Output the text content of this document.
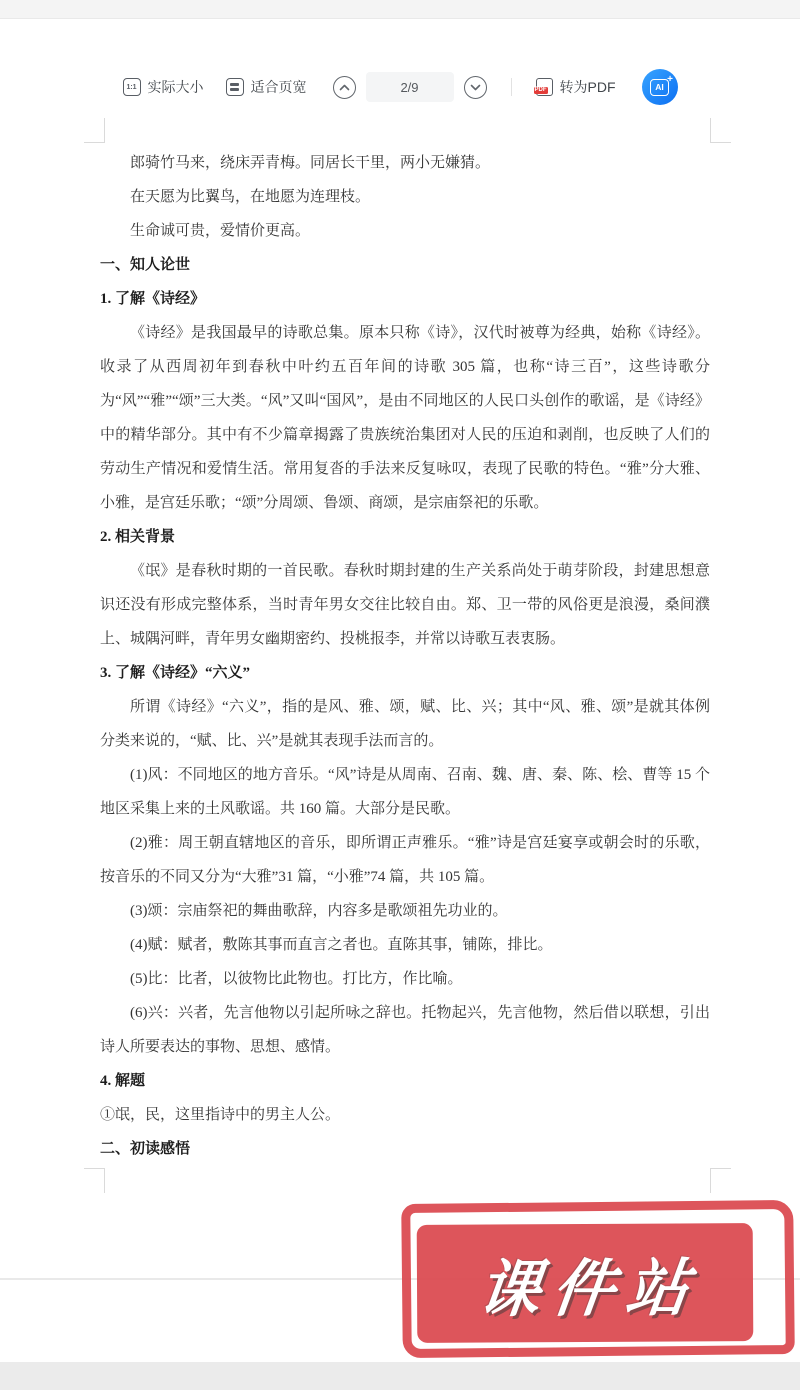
1:1 实际大小	适合页宽	2/9	PDF 转为PDF	AI
+
郎骑竹马来，绕床弄青梅。同居长干里，两小无嫌猜。
在天愿为比翼鸟，在地愿为连理枝。
生命诚可贵，爱情价更高。
一、知人论世
1. 了解《诗经》
《诗经》是我国最早的诗歌总集。原本只称《诗》，汉代时被尊为经典，始称《诗经》。收录了从西周初年到春秋中叶约五百年间的诗歌 305 篇，也称“诗三百”，这些诗歌分为“风”“雅”“颂”三大类。“风”又叫“国风”，是由不同地区的人民口头创作的歌谣，是《诗经》中的精华部分。其中有不少篇章揭露了贵族统治集团对人民的压迫和剥削，也反映了人们的劳动生产情况和爱情生活。常用复沓的手法来反复咏叹，表现了民歌的特色。“雅”分大雅、小雅，是宫廷乐歌；“颂”分周颂、鲁颂、商颂，是宗庙祭祀的乐歌。
2. 相关背景
《氓》是春秋时期的一首民歌。春秋时期封建的生产关系尚处于萌芽阶段，封建思想意识还没有形成完整体系，当时青年男女交往比较自由。郑、卫一带的风俗更是浪漫，桑间濮上、城隅河畔，青年男女幽期密约、投桃报李，并常以诗歌互表衷肠。
3. 了解《诗经》“六义”
所谓《诗经》“六义”，指的是风、雅、颂，赋、比、兴；其中“风、雅、颂”是就其体例分类来说的，“赋、比、兴”是就其表现手法而言的。
(1)风：不同地区的地方音乐。“风”诗是从周南、召南、魏、唐、秦、陈、桧、曹等 15 个地区采集上来的土风歌谣。共 160 篇。大部分是民歌。
(2)雅：周王朝直辖地区的音乐，即所谓正声雅乐。“雅”诗是宫廷宴享或朝会时的乐歌，按音乐的不同又分为“大雅”31 篇，“小雅”74 篇，共 105 篇。
(3)颂：宗庙祭祀的舞曲歌辞，内容多是歌颂祖先功业的。
(4)赋：赋者，敷陈其事而直言之者也。直陈其事，铺陈，排比。
(5)比：比者，以彼物比此物也。打比方，作比喻。
(6)兴：兴者，先言他物以引起所咏之辞也。托物起兴，先言他物，然后借以联想，引出诗人所要表达的事物、思想、感情。
4. 解题
①氓，民，这里指诗中的男主人公。
二、初读感悟
课件站
